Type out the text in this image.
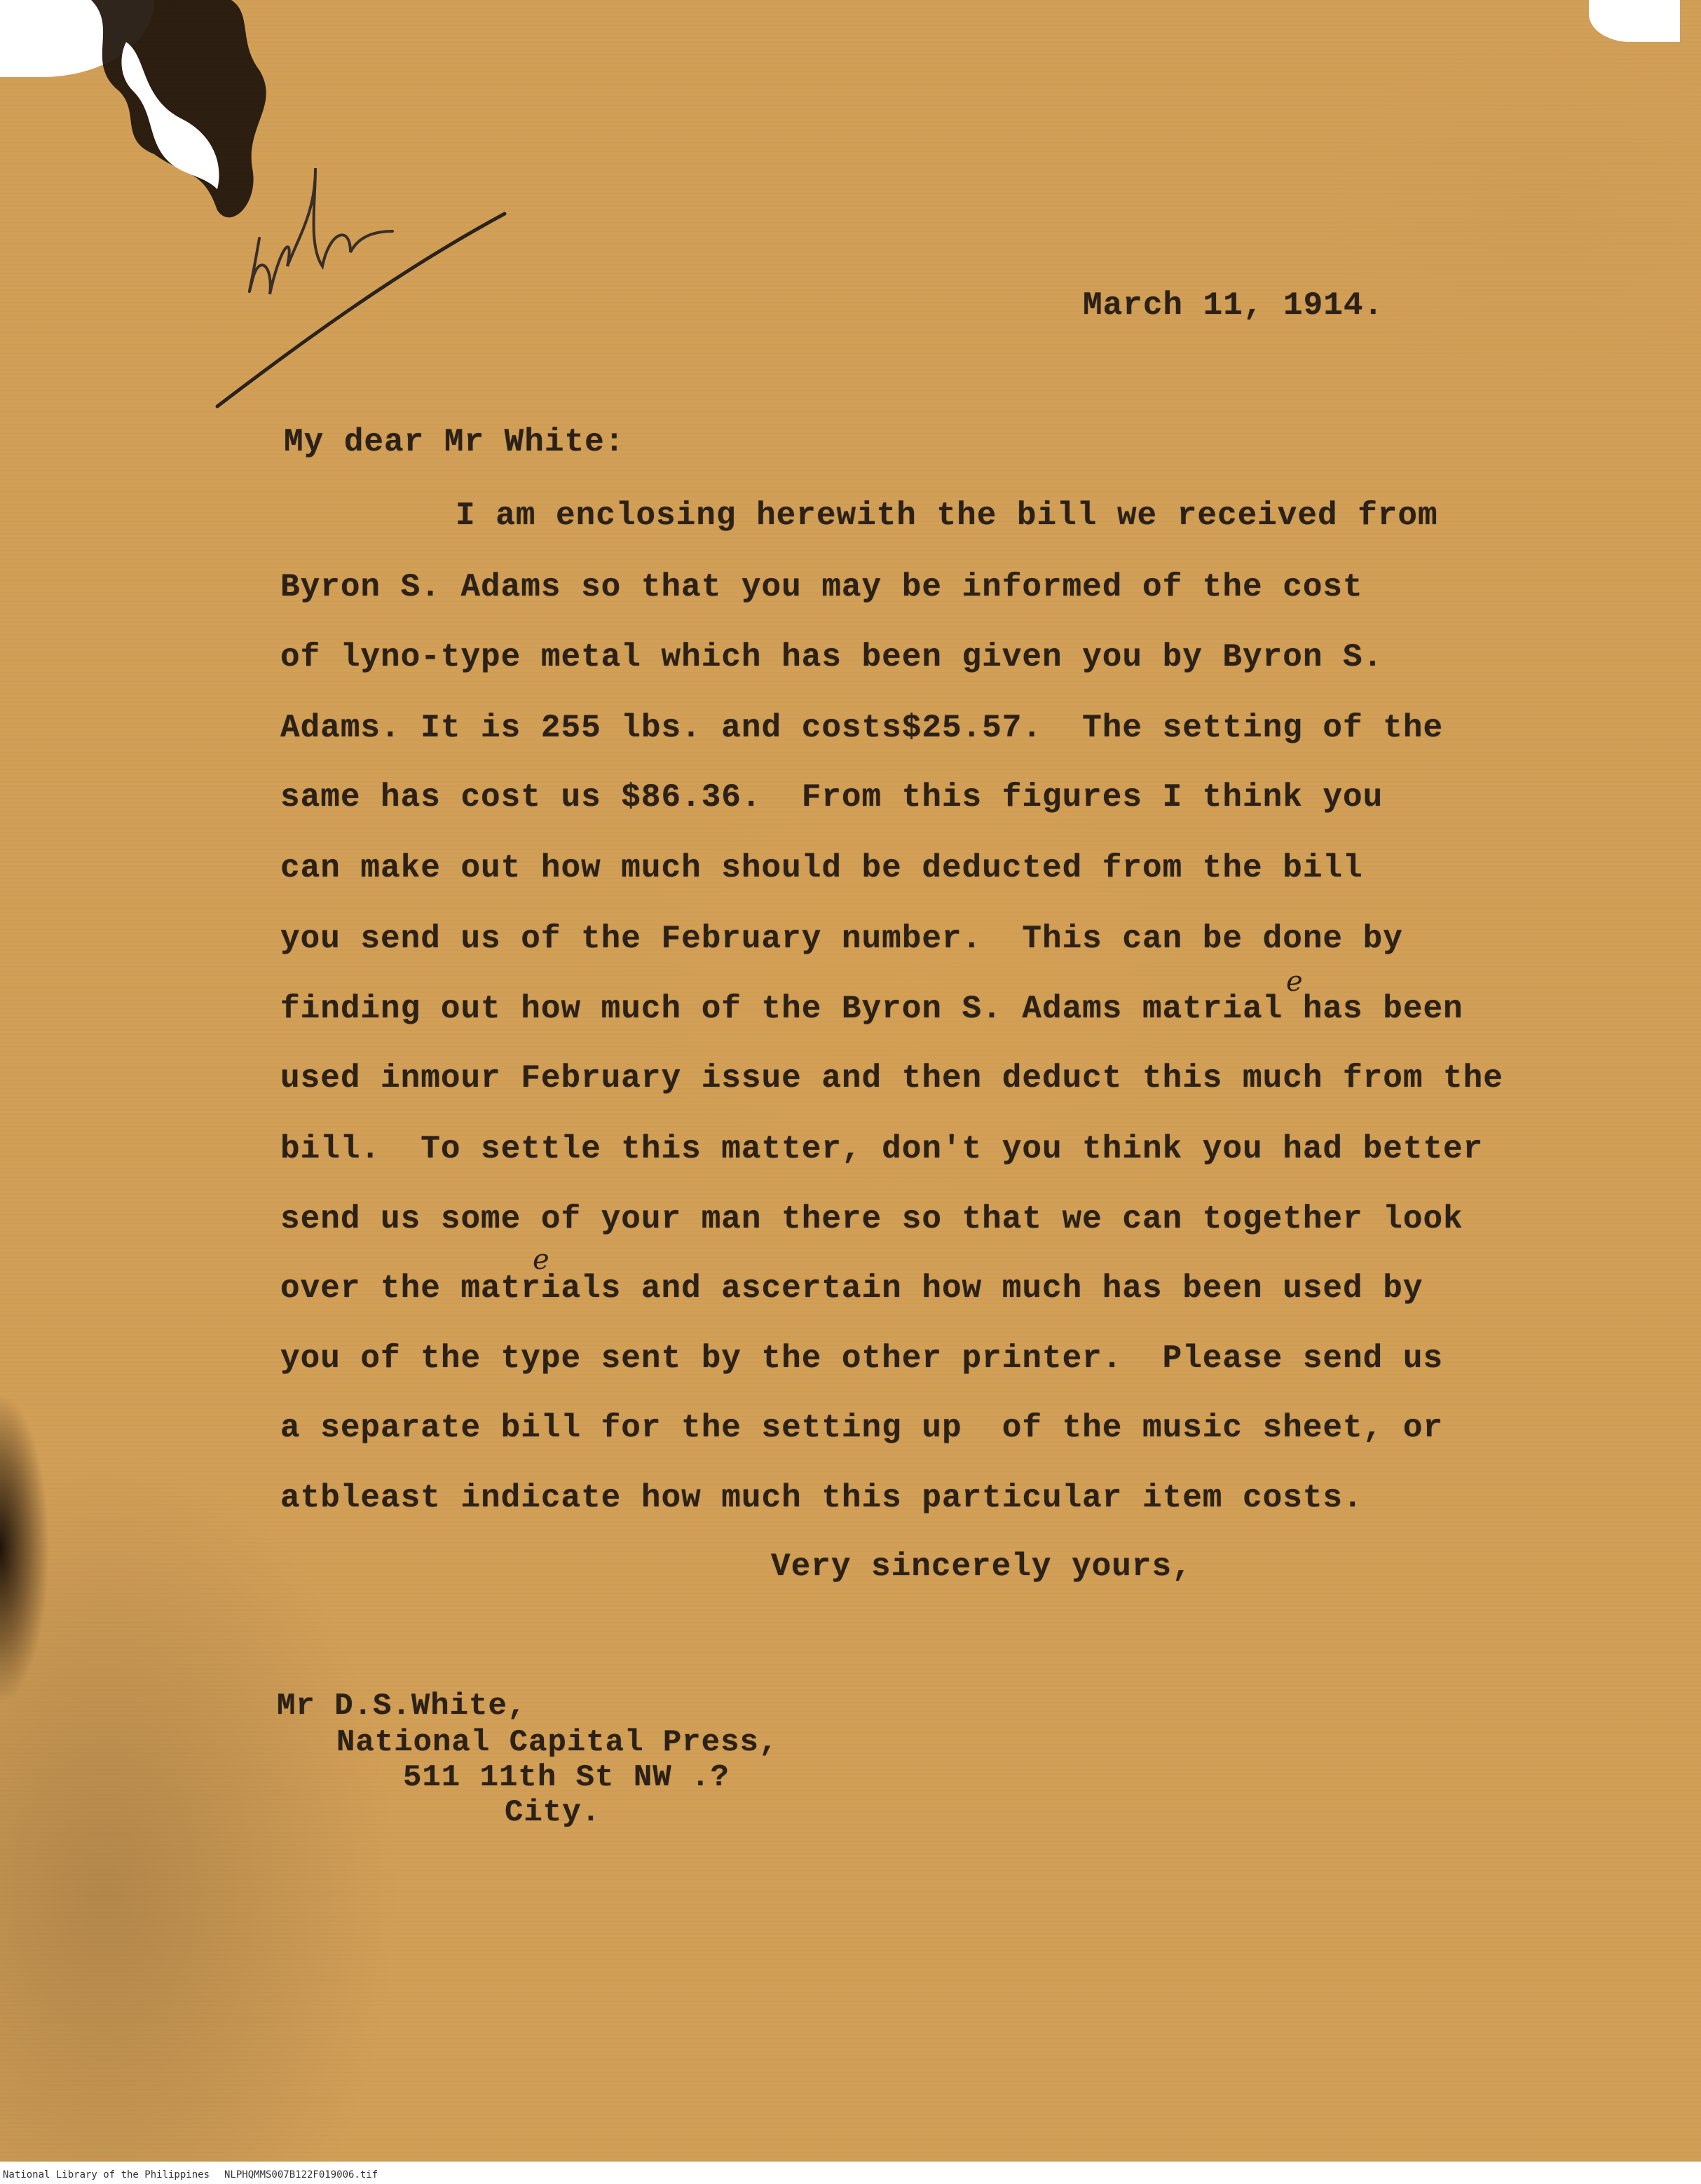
March 11, 1914.
My dear Mr White:
I am enclosing herewith the bill we received from
Byron S. Adams so that you may be informed of the cost
of lyno-type metal which has been given you by Byron S.
Adams. It is 255 lbs. and costs$25.57.  The setting of the
same has cost us $86.36.  From this figures I think you
can make out how much should be deducted from the bill
you send us of the February number.  This can be done by
e
finding out how much of the Byron S. Adams matrial has been
used inmour February issue and then deduct this much from the
bill.  To settle this matter, don't you think you had better
send us some of your man there so that we can together look
e
over the matrials and ascertain how much has been used by
you of the type sent by the other printer.  Please send us
a separate bill for the setting up  of the music sheet, or
atbleast indicate how much this particular item costs.
Very sincerely yours,
Mr D.S.White,
National Capital Press,
511 11th St NW .?
City.
National Library of the Philippines NLPHQMMS007B122F019006.tif
